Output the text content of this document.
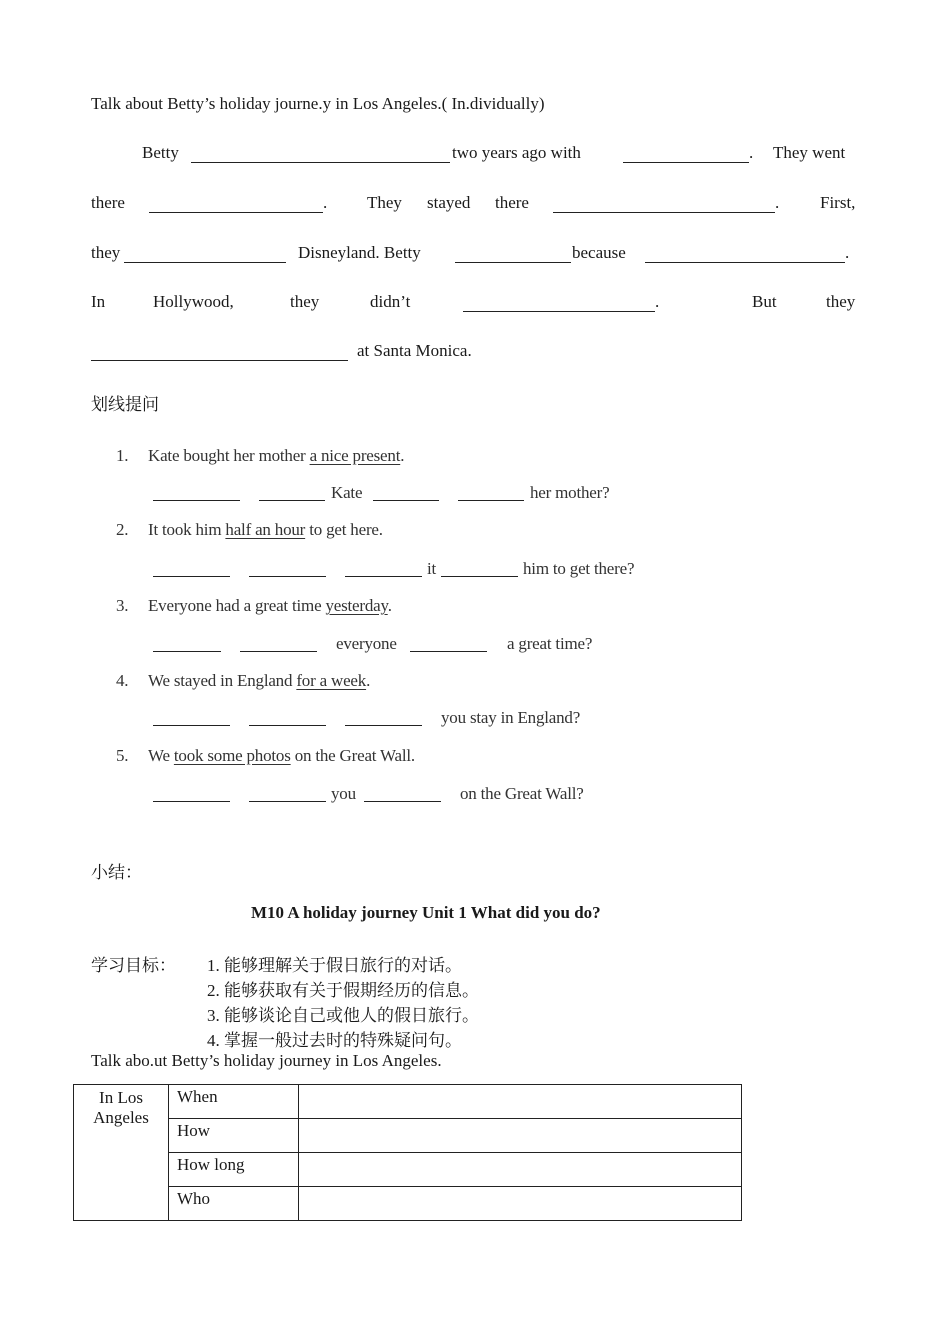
Talk about Betty’s holiday journe.y in Los Angeles.( In.dividually)
Betty	two years ago with	. They went
there	. They stayed there	. First,
they	Disneyland. Betty	because	.
In	Hollywood,	they	didn’t	.	But	they
at Santa Monica.
划线提问
1. Kate bought her mother a nice present.
Kate	her mother?
2. It took him half an hour to get here.
it	him to get there?
3. Everyone had a great time yesterday.
everyone	a great time?
4. We stayed in England for a week.
you stay in England?
5. We took some photos on the Great Wall.
you	on the Great Wall?
小结：
M10 A holiday journey Unit 1 What did you do?
学习目标： 1. 能够理解关于假日旅行的对话。
2. 能够获取有关于假期经历的信息。
3. 能够谈论自己或他人的假日旅行。
4. 掌握一般过去时的特殊疑问句。
Talk abo.ut Betty’s holiday journey in Los Angeles.
In Los
Angeles	When	
	How	
	How long	
	Who	
